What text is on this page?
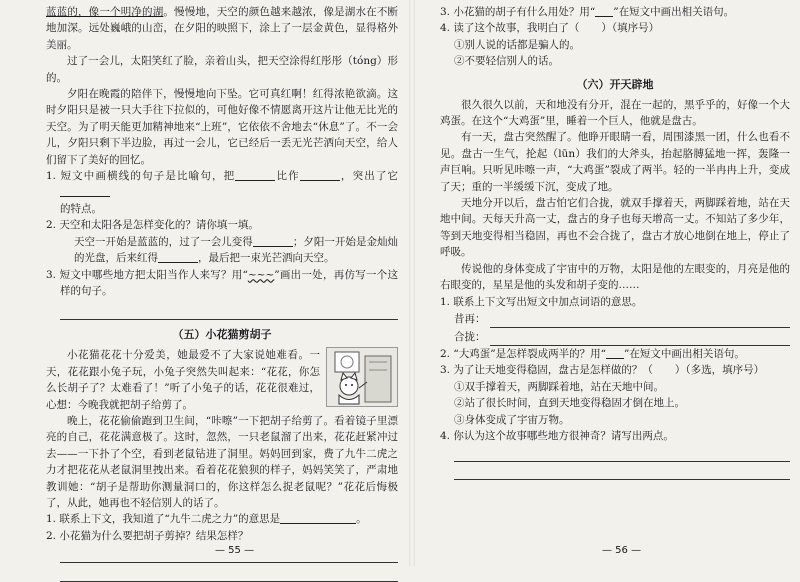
蓝蓝的，像一个明净的湖。慢慢地，天空的颜色越来越浓，像是湖水在不断地加深。远处巍峨的山峦，在夕阳的映照下，涂上了一层金黄色，显得格外美丽。

过了一会儿，太阳笑红了脸，亲着山头，把天空涂得红彤彤（tóng）形的。

夕阳在晚霞的陪伴下，慢慢地向下坠。它可真红啊！红得浓艳欲滴。这时夕阳只是被一只大手往下拉似的，可他好像不情愿离开这片让他无比光的天空。为了明天能更加精神地来“上班”，它依依不舍地去“休息”了。不一会儿，夕阳只剩下半边脸，再过一会儿，它已经后一丢无光芒洒向天空，给人们留下了美好的回忆。

1. 短文中画横线的句子是比喻句，把	比作	，突出了它
的特点。

2. 天空和太阳各是怎样变化的？请你填一填。

天空一开始是蓝蓝的，过了一会儿变得	；夕阳一开始是金灿灿的光盘，后来红得	，最后把一束光芒洒向天空。

3. 短文中哪些地方把太阳当作人来写？用“~~~”画出一处，再仿写一个这样的句子。

（五）小花猫剪胡子

小花猫花花十分爱美，她最爱不了大家说她难看。一天，花花跟小兔子玩，小兔子突然失叫起来：“花花，你怎么长胡子了？太难看了！”听了小兔子的话，花花很难过，心想：今晚我就把胡子给剪了。

晚上，花花偷偷跑到卫生间，“咔嚓”一下把胡子给剪了。看着镜子里漂亮的自己，花花满意极了。这时，忽然，一只老鼠溜了出来，花花赶紧冲过去——一下扑了个空，看到老鼠钻进了洞里。妈妈回到家，费了九牛二虎之力才把花花从老鼠洞里拽出来。看着花花狼狈的样子，妈妈笑笑了，严肃地教训她：“胡子是帮助你测量洞口的，你这样怎么捉老鼠呢？”花花后悔极了，从此，她再也不轻信别人的话了。

1. 联系上下文，我知道了“九牛二虎之力”的意思是	。

2. 小花猫为什么要把胡子剪掉？结果怎样？

— 55 —

3. 小花猫的胡子有什么用处？用“ ”在短文中画出相关语句。

4. 读了这个故事，我明白了（ ）（填序号）

①别人说的话都是骗人的。

②不要轻信别人的话。

（六）开天辟地

很久很久以前，天和地没有分开，混在一起的，黑乎乎的，好像一个大鸡蛋。在这个“大鸡蛋”里，睡着一个巨人，他就是盘古。

有一天，盘古突然醒了。他睁开眼睛一看，周围漆黑一团，什么也看不见。盘古一生气，抡起（lūn）我们的大斧头，抬起胳膊猛地一挥，轰隆一声巨响。只听见咔嚓一声，“大鸡蛋”裂成了两半。轻的一半冉冉上升，变成了天；重的一半缓缓下沉，变成了地。

天地分开以后，盘古怕它们合拢，就双手撑着天，两脚踩着地，站在天地中间。天每天升高一丈，盘古的身子也每天增高一丈。不知站了多少年，等到天地变得相当稳固，再也不会合拢了，盘古才放心地倒在地上，停止了呼吸。

传说他的身体变成了宇宙中的万物，太阳是他的左眼变的，月亮是他的右眼变的，星星是他的头发和胡子变的……

1. 联系上下文写出短文中加点词语的意思。

昔再：
合拢：

2. “大鸡蛋”是怎样裂成两半的？用“ ”在短文中画出相关语句。

3. 为了让天地变得稳固，盘古是怎样做的？（ ）（多选，填序号）

①双手撑着天，两脚踩着地，站在天地中间。

②站了很长时间，直到天地变得稳固才倒在地上。

③身体变成了宇宙万物。

4. 你认为这个故事哪些地方很神奇？请写出两点。

— 56 —
